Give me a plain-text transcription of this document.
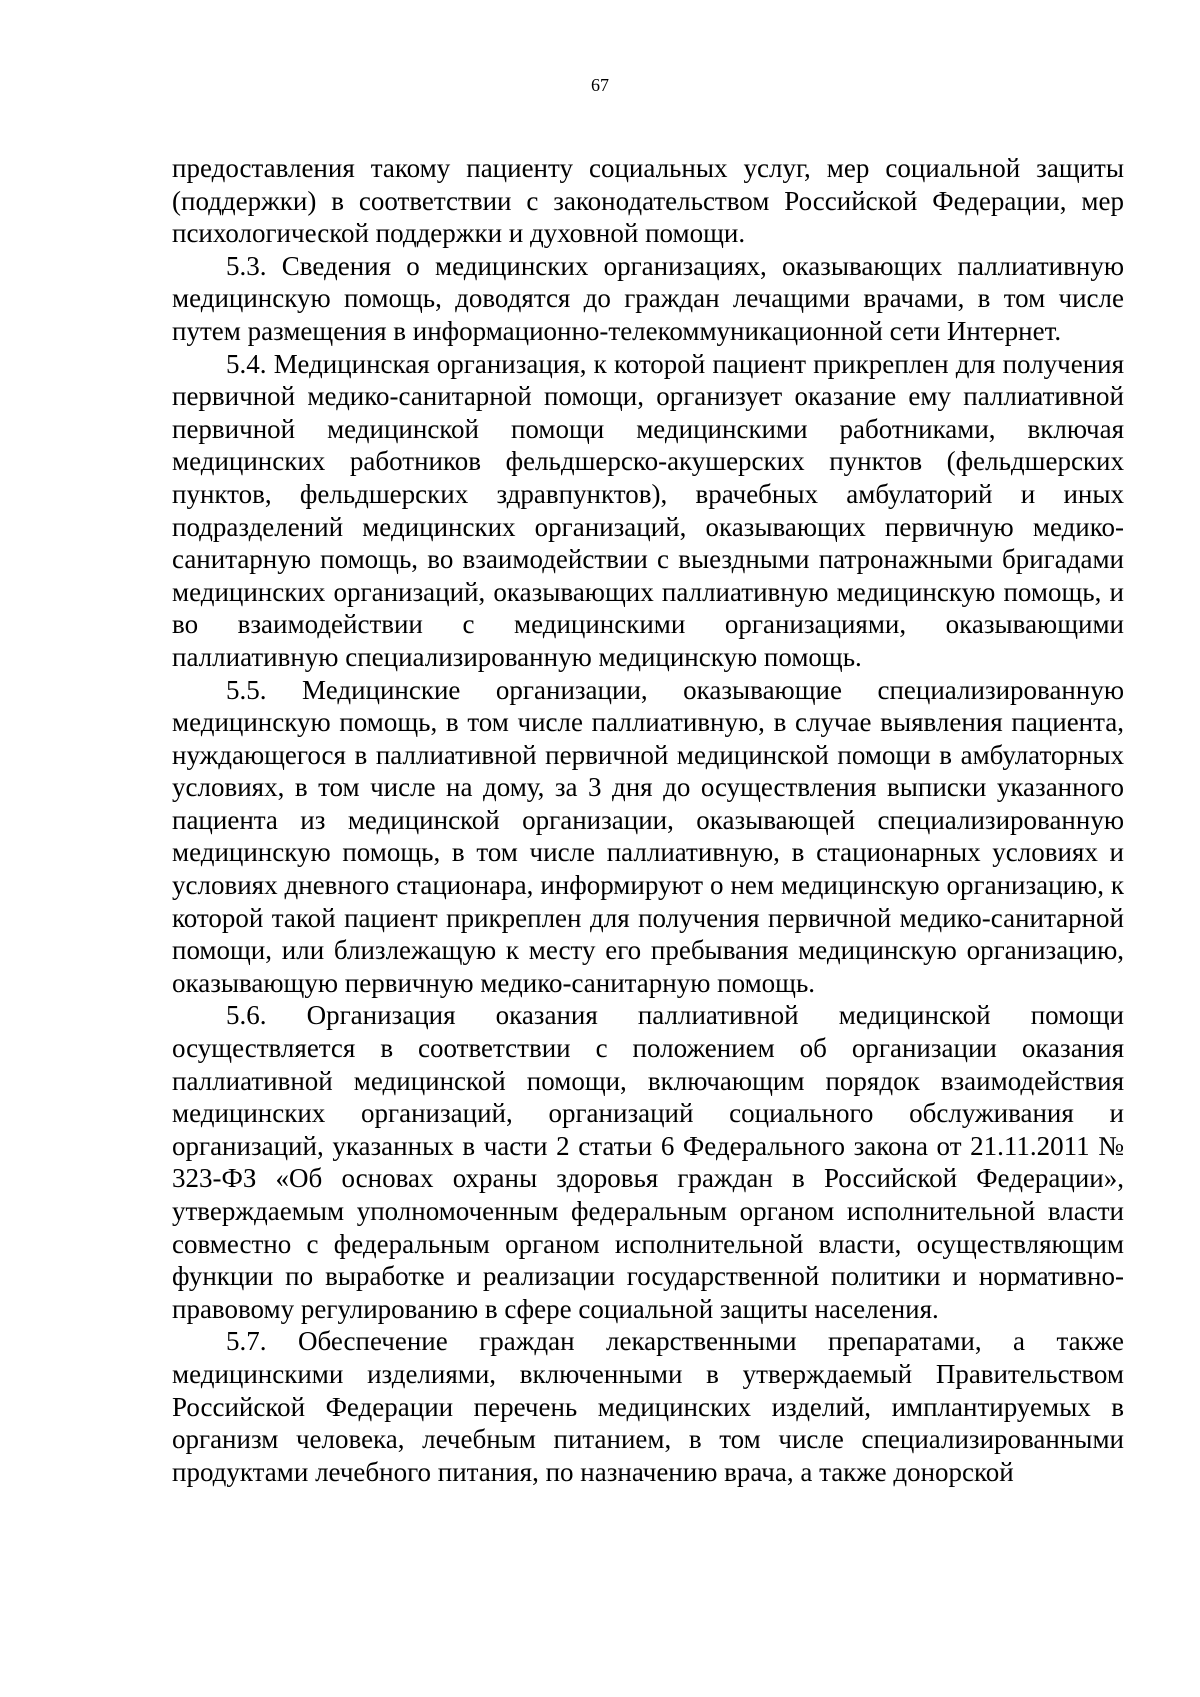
67

предоставления такому пациенту социальных услуг, мер социальной защиты (поддержки) в соответствии с законодательством Российской Федерации, мер психологической поддержки и духовной помощи.

5.3. Сведения о медицинских организациях, оказывающих паллиативную медицинскую помощь, доводятся до граждан лечащими врачами, в том числе путем размещения в информационно-телекоммуникационной сети Интернет.

5.4. Медицинская организация, к которой пациент прикреплен для получения первичной медико-санитарной помощи, организует оказание ему паллиативной первичной медицинской помощи медицинскими работниками, включая медицинских работников фельдшерско-акушерских пунктов (фельдшерских пунктов, фельдшерских здравпунктов), врачебных амбулаторий и иных подразделений медицинских организаций, оказывающих первичную медико-санитарную помощь, во взаимодействии с выездными патронажными бригадами медицинских организаций, оказывающих паллиативную медицинскую помощь, и во взаимодействии с медицинскими организациями, оказывающими паллиативную специализированную медицинскую помощь.

5.5. Медицинские организации, оказывающие специализированную медицинскую помощь, в том числе паллиативную, в случае выявления пациента, нуждающегося в паллиативной первичной медицинской помощи в амбулаторных условиях, в том числе на дому, за 3 дня до осуществления выписки указанного пациента из медицинской организации, оказывающей специализированную медицинскую помощь, в том числе паллиативную, в стационарных условиях и условиях дневного стационара, информируют о нем медицинскую организацию, к которой такой пациент прикреплен для получения первичной медико-санитарной помощи, или близлежащую к месту его пребывания медицинскую организацию, оказывающую первичную медико-санитарную помощь.

5.6. Организация оказания паллиативной медицинской помощи осуществляется в соответствии с положением об организации оказания паллиативной медицинской помощи, включающим порядок взаимодействия медицинских организаций, организаций социального обслуживания и организаций, указанных в части 2 статьи 6 Федерального закона от 21.11.2011 № 323-ФЗ «Об основах охраны здоровья граждан в Российской Федерации», утверждаемым уполномоченным федеральным органом исполнительной власти совместно с федеральным органом исполнительной власти, осуществляющим функции по выработке и реализации государственной политики и нормативно-правовому регулированию в сфере социальной защиты населения.

5.7. Обеспечение граждан лекарственными препаратами, а также медицинскими изделиями, включенными в утверждаемый Правительством Российской Федерации перечень медицинских изделий, имплантируемых в организм человека, лечебным питанием, в том числе специализированными продуктами лечебного питания, по назначению врача, а также донорской
